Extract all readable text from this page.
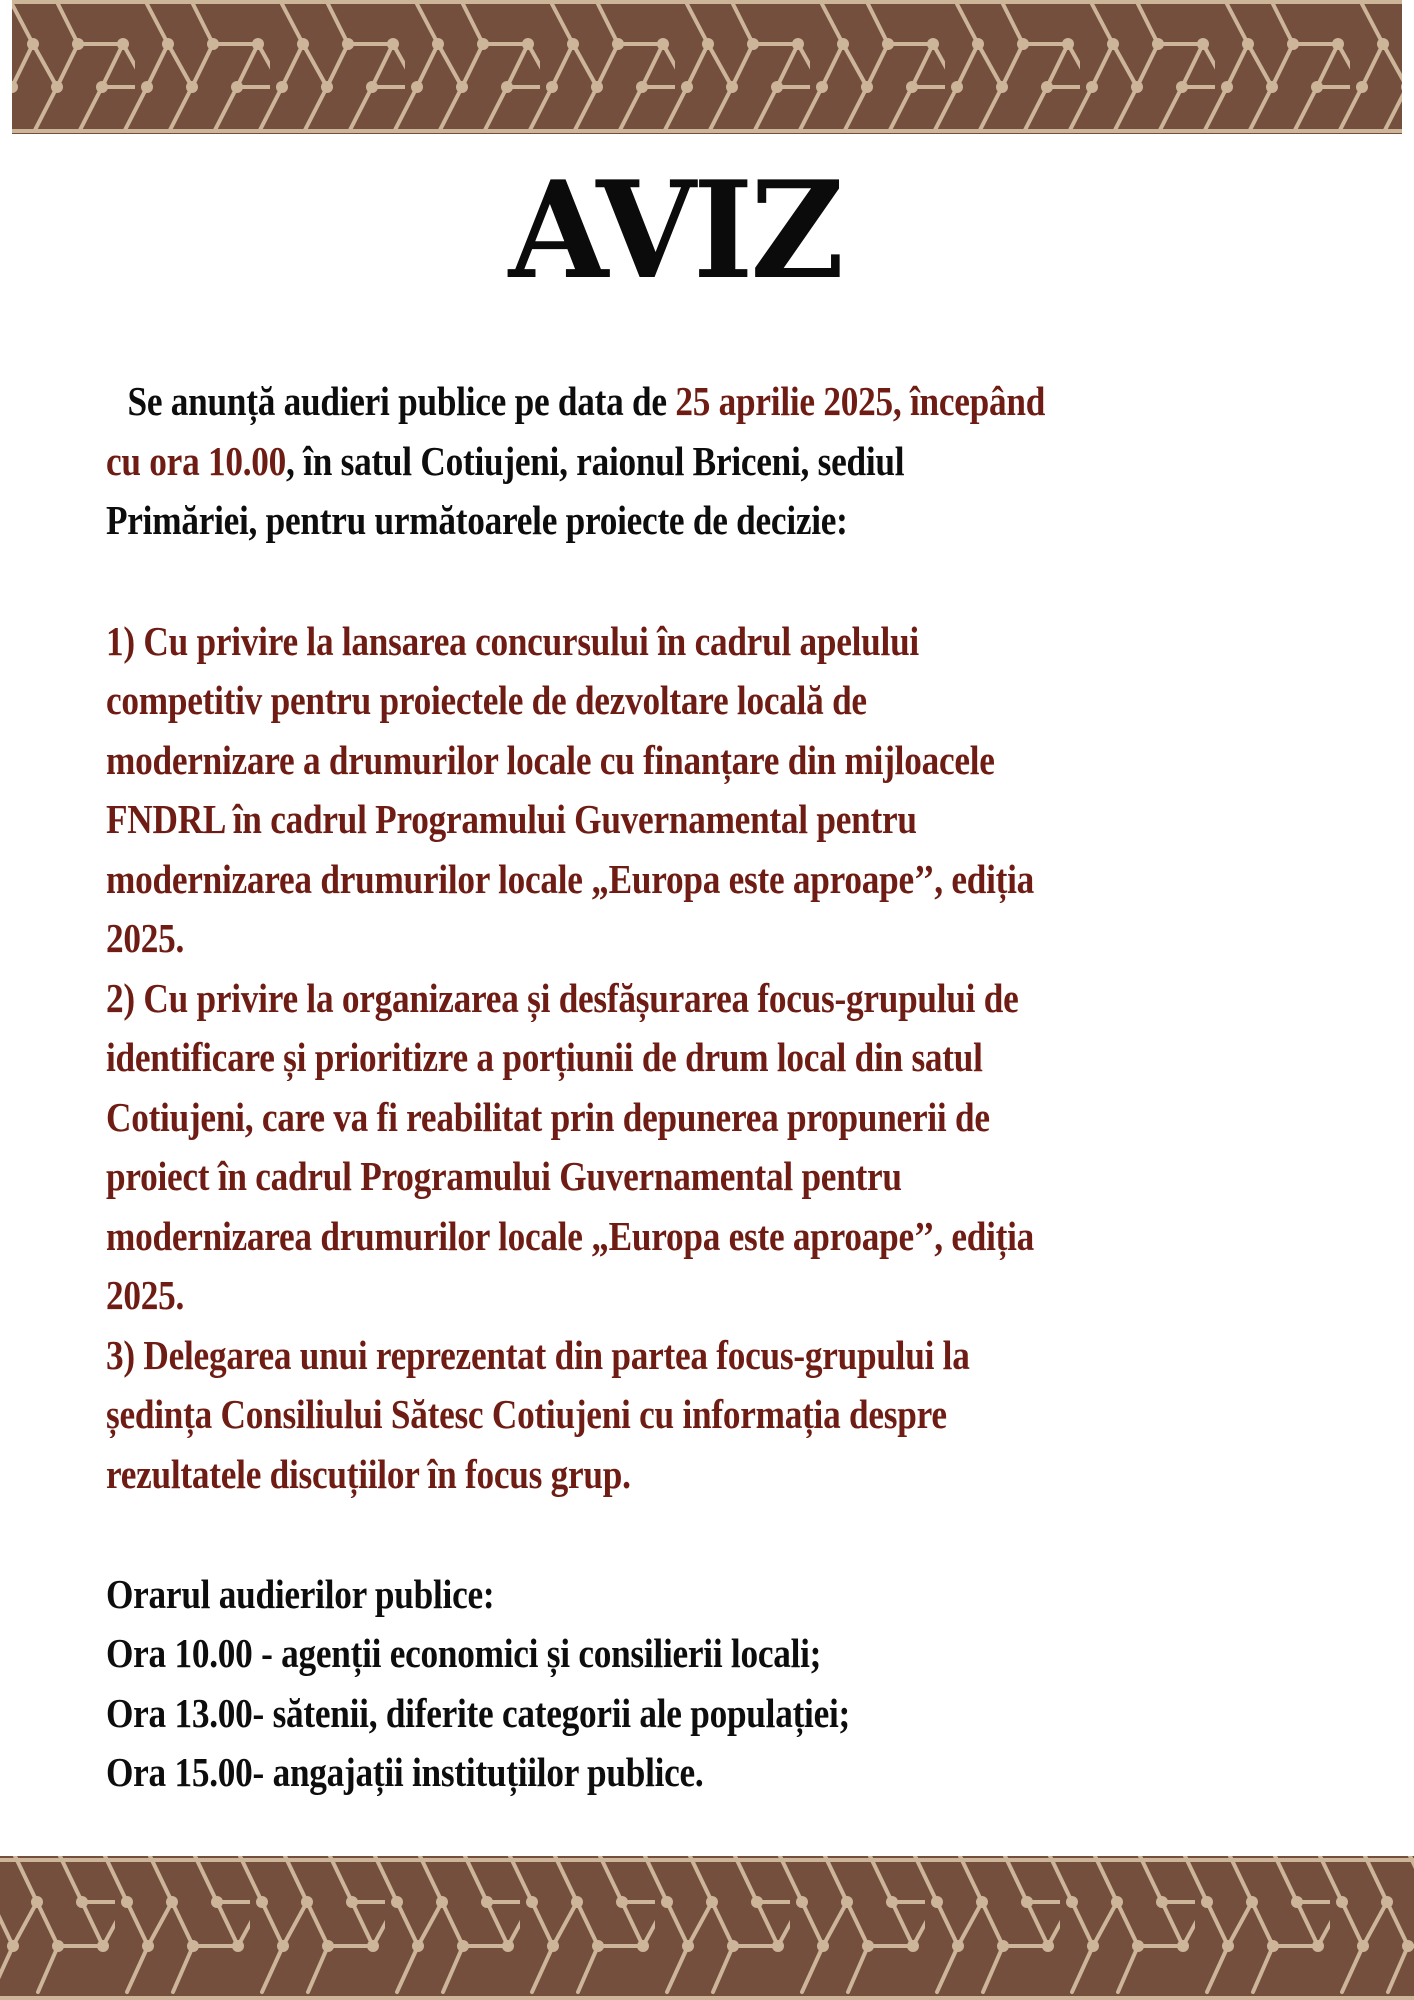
AVIZ
Se anunță audieri publice pe data de 25 aprilie 2025, începând
cu ora 10.00, în satul Cotiujeni, raionul Briceni, sediul
Primăriei, pentru următoarele proiecte de decizie:
1) Cu privire la lansarea concursului în cadrul apelului
competitiv pentru proiectele de dezvoltare locală de
modernizare a drumurilor locale cu finanțare din mijloacele
FNDRL în cadrul Programului Guvernamental pentru
modernizarea drumurilor locale „Europa este aproape’’, ediția
2025.
2) Cu privire la organizarea și desfășurarea focus-grupului de
identificare și prioritizre a porțiunii de drum local din satul
Cotiujeni, care va fi reabilitat prin depunerea propunerii de
proiect în cadrul Programului Guvernamental pentru
modernizarea drumurilor locale „Europa este aproape’’, ediția
2025.
3) Delegarea unui reprezentat din partea focus-grupului la
ședința Consiliului Sătesc Cotiujeni cu informația despre
rezultatele discuțiilor în focus grup.
Orarul audierilor publice:
Ora 10.00 - agenții economici și consilierii locali;
Ora 13.00- sătenii, diferite categorii ale populației;
Ora 15.00- angajații instituțiilor publice.
